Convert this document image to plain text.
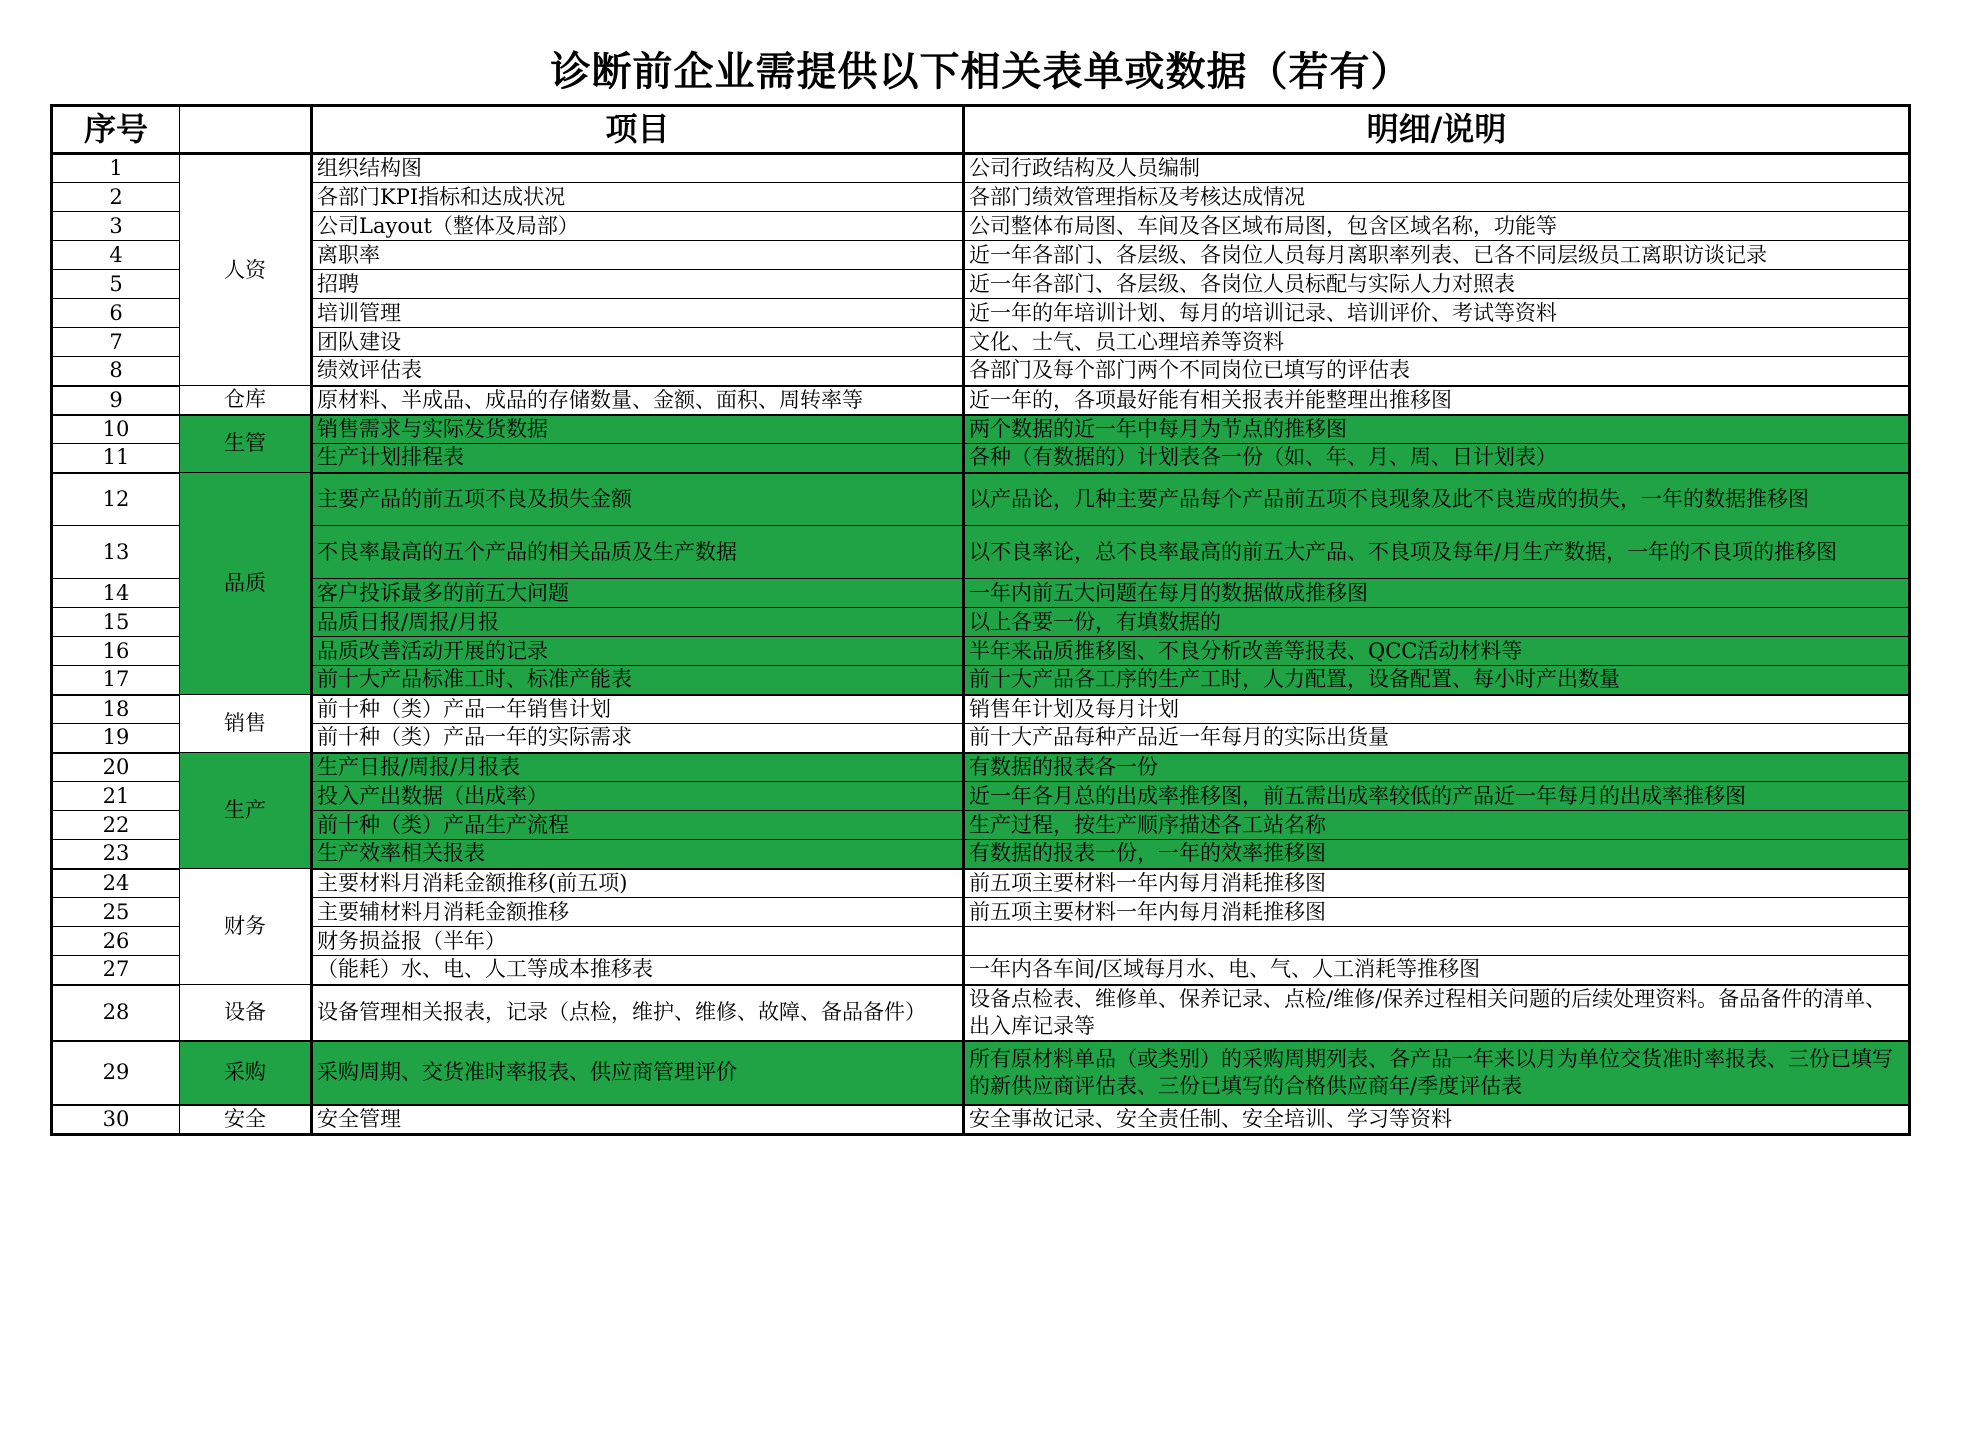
诊断前企业需提供以下相关表单或数据（若有）
序号		项目	明细/说明
1	人资	组织结构图	公司行政结构及人员编制
2		各部门KPI指标和达成状况	各部门绩效管理指标及考核达成情况
3		公司Layout（整体及局部）	公司整体布局图、车间及各区域布局图，包含区域名称，功能等
4		离职率	近一年各部门、各层级、各岗位人员每月离职率列表、已各不同层级员工离职访谈记录
5		招聘	近一年各部门、各层级、各岗位人员标配与实际人力对照表
6		培训管理	近一年的年培训计划、每月的培训记录、培训评价、考试等资料
7		团队建设	文化、士气、员工心理培养等资料
8		绩效评估表	各部门及每个部门两个不同岗位已填写的评估表
9	仓库	原材料、半成品、成品的存储数量、金额、面积、周转率等	近一年的，各项最好能有相关报表并能整理出推移图
10	生管	销售需求与实际发货数据	两个数据的近一年中每月为节点的推移图
11		生产计划排程表	各种（有数据的）计划表各一份（如、年、月、周、日计划表）
12	品质	主要产品的前五项不良及损失金额	以产品论，几种主要产品每个产品前五项不良现象及此不良造成的损失，一年的数据推移图
13		不良率最高的五个产品的相关品质及生产数据	以不良率论，总不良率最高的前五大产品、不良项及每年/月生产数据，一年的不良项的推移图
14		客户投诉最多的前五大问题	一年内前五大问题在每月的数据做成推移图
15		品质日报/周报/月报	以上各要一份，有填数据的
16		品质改善活动开展的记录	半年来品质推移图、不良分析改善等报表、QCC活动材料等
17		前十大产品标准工时、标准产能表	前十大产品各工序的生产工时，人力配置，设备配置、每小时产出数量
18	销售	前十种（类）产品一年销售计划	销售年计划及每月计划
19		前十种（类）产品一年的实际需求	前十大产品每种产品近一年每月的实际出货量
20	生产	生产日报/周报/月报表	有数据的报表各一份
21		投入产出数据（出成率）	近一年各月总的出成率推移图，前五需出成率较低的产品近一年每月的出成率推移图
22		前十种（类）产品生产流程	生产过程，按生产顺序描述各工站名称
23		生产效率相关报表	有数据的报表一份，一年的效率推移图
24	财务	主要材料月消耗金额推移(前五项)	前五项主要材料一年内每月消耗推移图
25		主要辅材料月消耗金额推移	前五项主要材料一年内每月消耗推移图
26		财务损益报（半年）	
27		（能耗）水、电、人工等成本推移表	一年内各车间/区域每月水、电、气、人工消耗等推移图
28	设备	设备管理相关报表，记录（点检，维护、维修、故障、备品备件）	设备点检表、维修单、保养记录、点检/维修/保养过程相关问题的后续处理资料。备品备件的清单、出入库记录等
29	采购	采购周期、交货准时率报表、供应商管理评价	所有原材料单品（或类别）的采购周期列表、各产品一年来以月为单位交货准时率报表、三份已填写的新供应商评估表、三份已填写的合格供应商年/季度评估表
30	安全	安全管理	安全事故记录、安全责任制、安全培训、学习等资料
